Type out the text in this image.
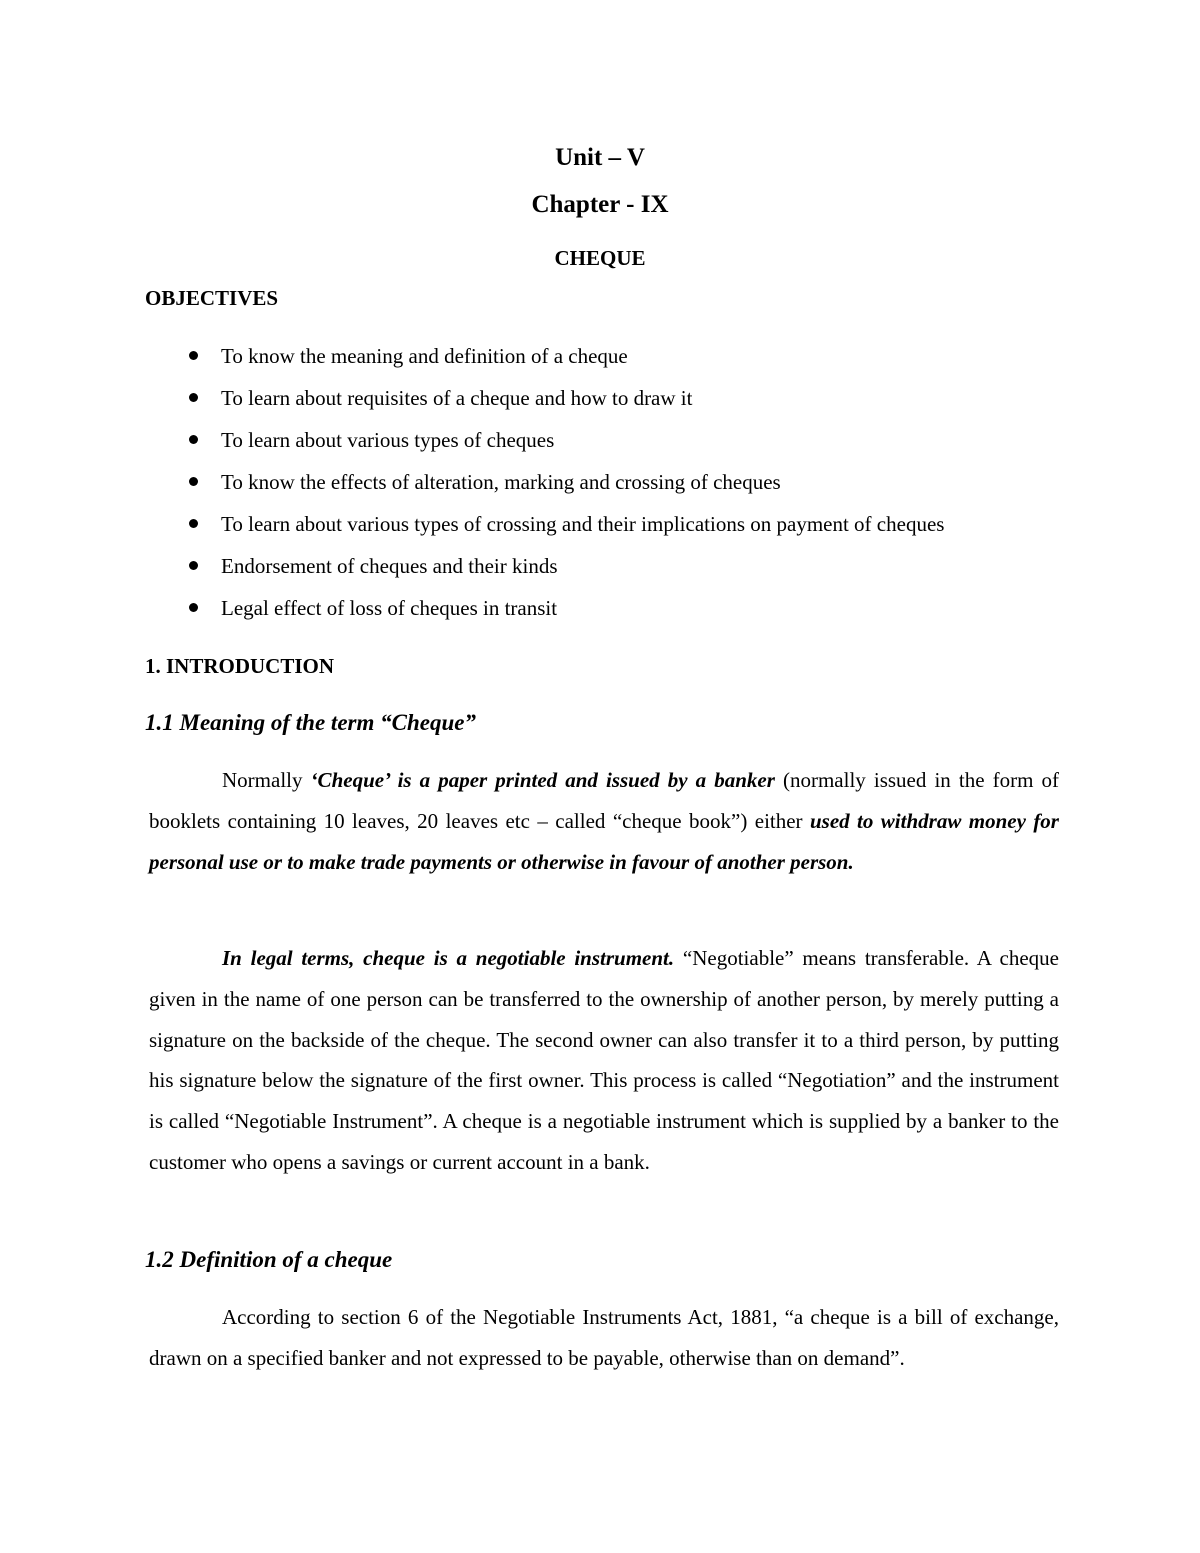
Unit – V
Chapter - IX
CHEQUE
OBJECTIVES
To know the meaning and definition of a cheque
To learn about requisites of a cheque and how to draw it
To learn about various types of cheques
To know the effects of alteration, marking and crossing of cheques
To learn about various types of crossing and their implications on payment of cheques
Endorsement of cheques and their kinds
Legal effect of loss of cheques in transit
1. INTRODUCTION
1.1 Meaning of the term “Cheque”

Normally ‘Cheque’ is a paper printed and issued by a banker (normally issued in the form of booklets containing 10 leaves, 20 leaves etc – called “cheque book”) either used to withdraw money for personal use or to make trade payments or otherwise in favour of another person.

In legal terms, cheque is a negotiable instrument. “Negotiable” means transferable. A cheque given in the name of one person can be transferred to the ownership of another person, by merely putting a signature on the backside of the cheque. The second owner can also transfer it to a third person, by putting his signature below the signature of the first owner. This process is called “Negotiation” and the instrument is called “Negotiable Instrument”. A cheque is a negotiable instrument which is supplied by a banker to the customer who opens a savings or current account in a bank.

1.2 Definition of a cheque

According to section 6 of the Negotiable Instruments Act, 1881, “a cheque is a bill of exchange, drawn on a specified banker and not expressed to be payable, otherwise than on demand”.
